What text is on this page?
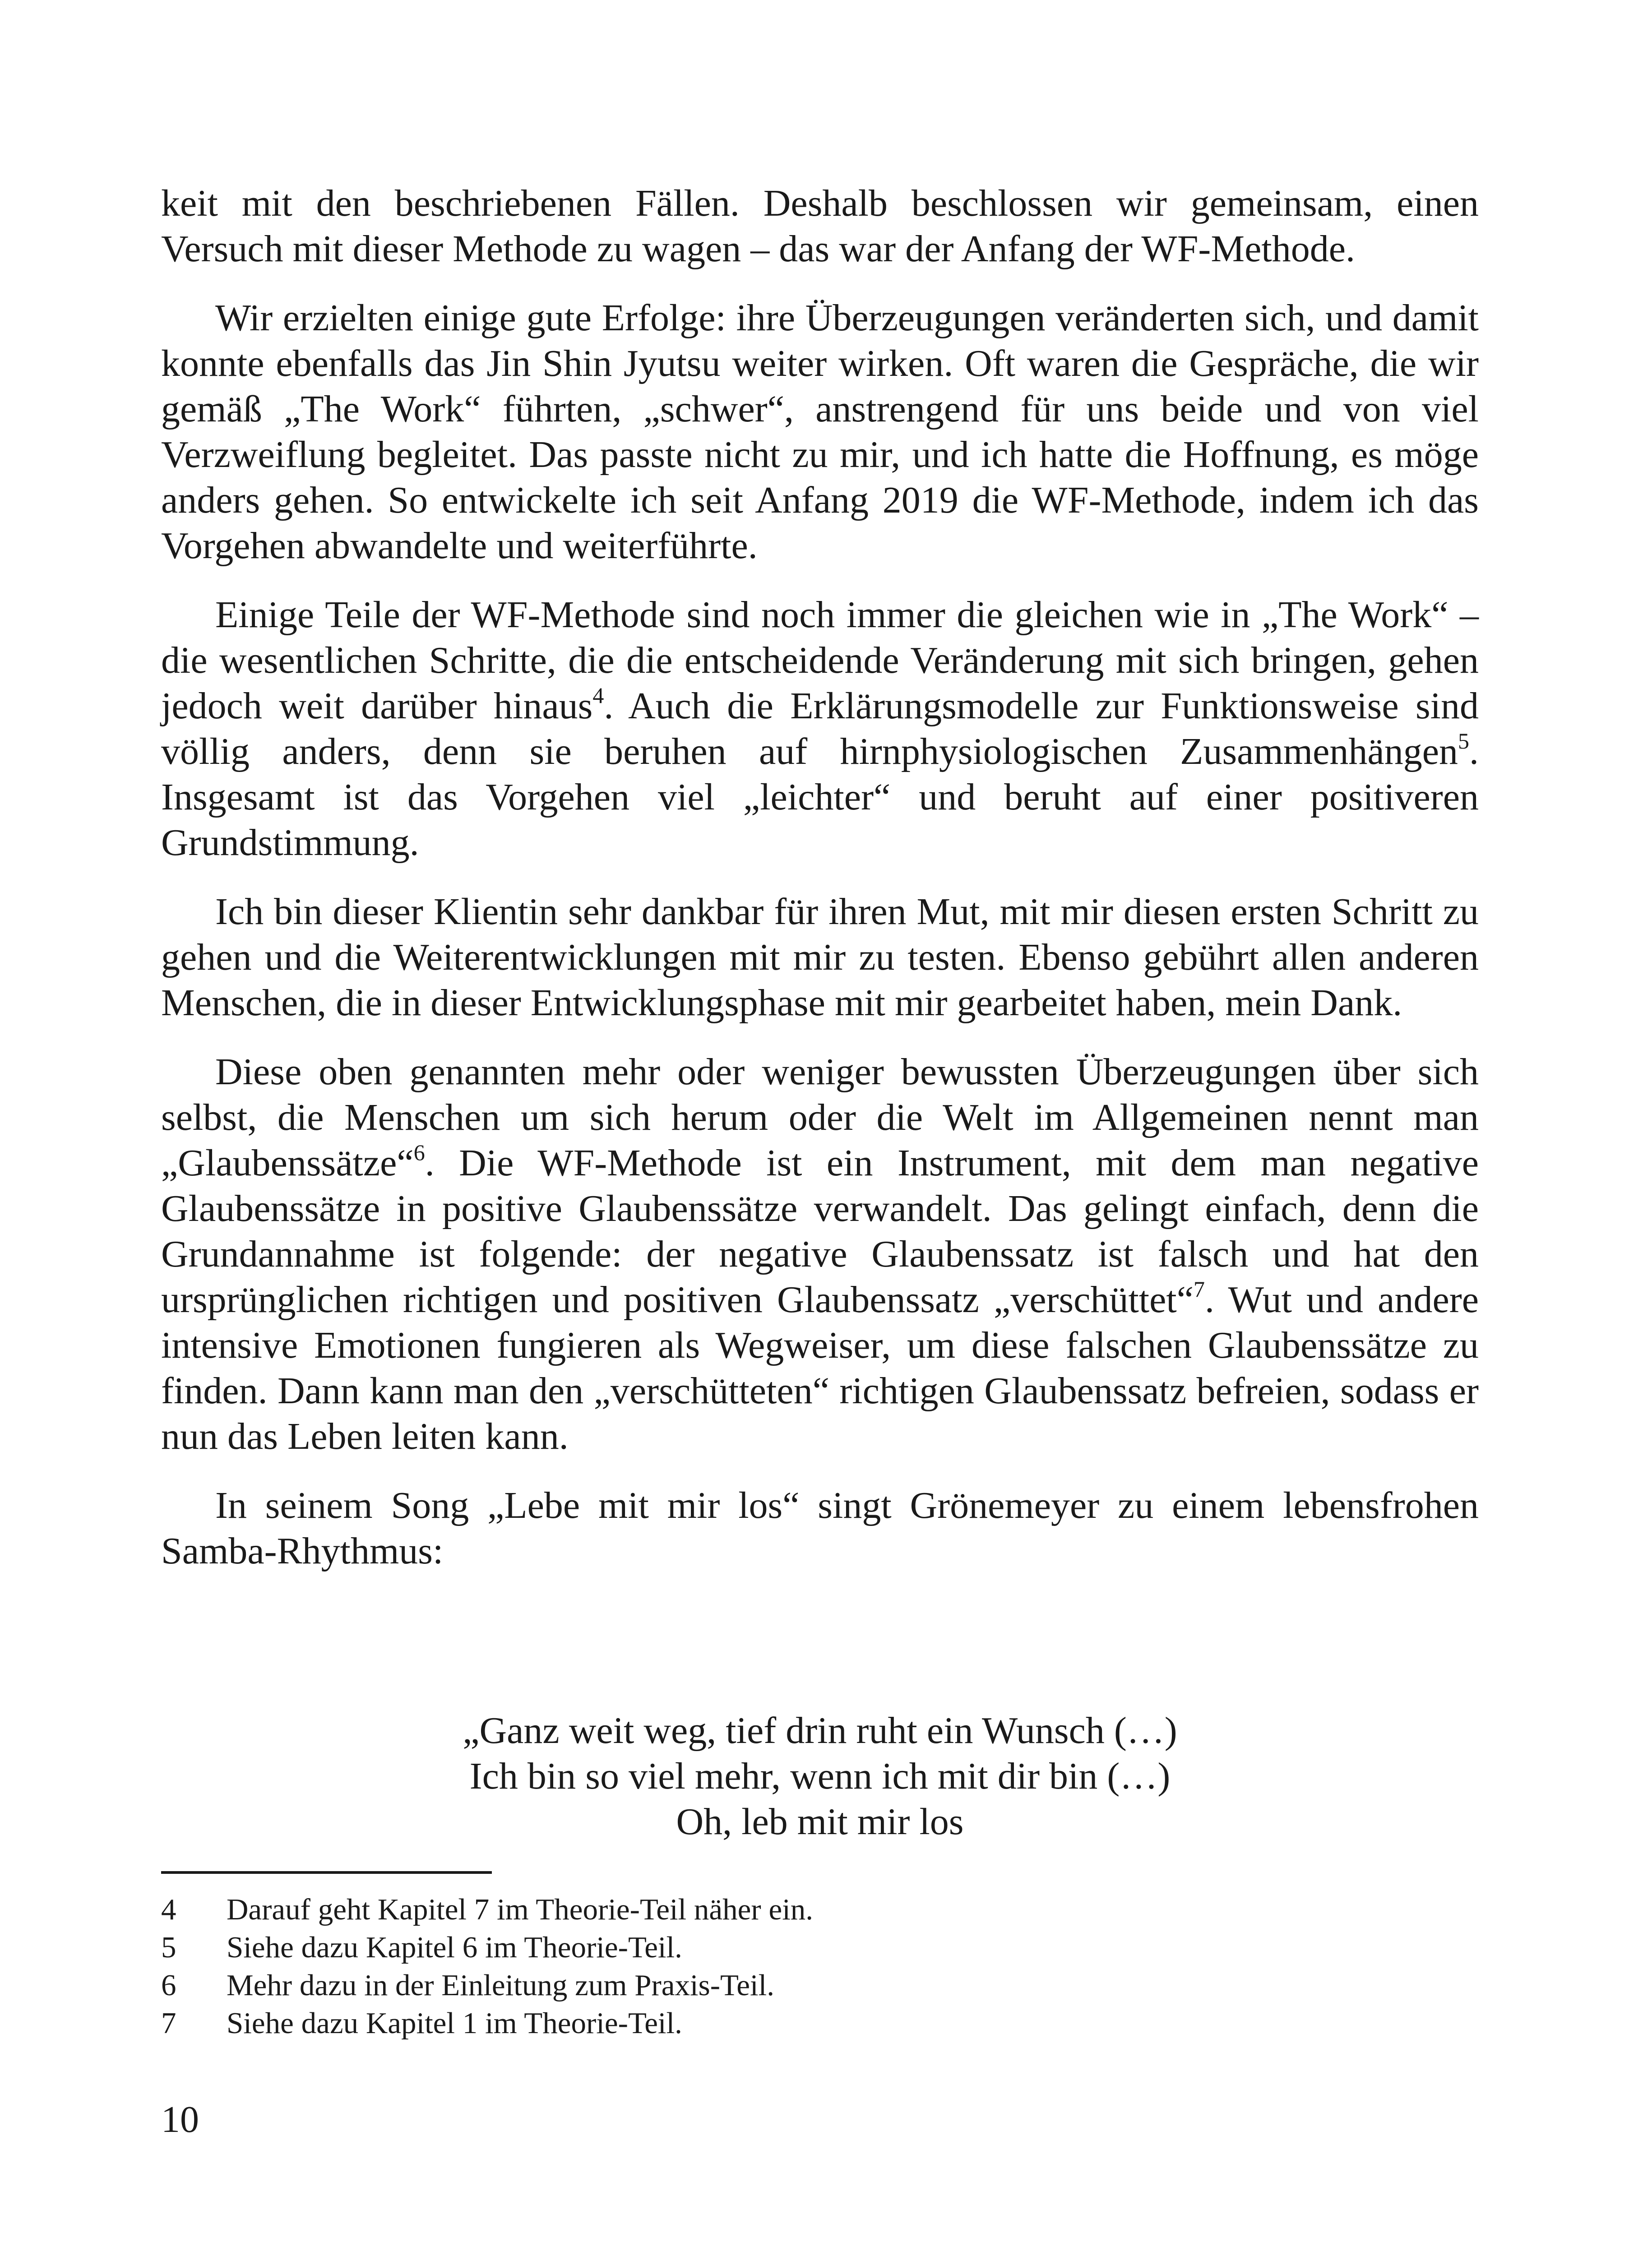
keit mit den beschriebenen Fällen. Deshalb beschlossen wir gemeinsam, einen Versuch mit dieser Methode zu wagen – das war der Anfang der WF-Methode.

Wir erzielten einige gute Erfolge: ihre Überzeugungen veränderten sich, und damit konnte ebenfalls das Jin Shin Jyutsu weiter wirken. Oft waren die Gespräche, die wir gemäß „The Work“ führten, „schwer“, anstrengend für uns beide und von viel Verzweiflung begleitet. Das passte nicht zu mir, und ich hatte die Hoffnung, es möge anders gehen. So entwickelte ich seit Anfang 2019 die WF-Methode, indem ich das Vorgehen abwandelte und weiterführte.

Einige Teile der WF-Methode sind noch immer die gleichen wie in „The Work“ – die wesentlichen Schritte, die die entscheidende Veränderung mit sich bringen, gehen jedoch weit darüber hinaus$^4$. Auch die Erklärungsmodelle zur Funktionsweise sind völlig anders, denn sie beruhen auf hirnphysiologischen Zusammenhängen$^5$. Insgesamt ist das Vorgehen viel „leichter“ und beruht auf einer positiveren Grundstimmung.

Ich bin dieser Klientin sehr dankbar für ihren Mut, mit mir diesen ersten Schritt zu gehen und die Weiterentwicklungen mit mir zu testen. Ebenso gebührt allen anderen Menschen, die in dieser Entwicklungsphase mit mir gearbeitet haben, mein Dank.

Diese oben genannten mehr oder weniger bewussten Überzeugungen über sich selbst, die Menschen um sich herum oder die Welt im Allgemeinen nennt man „Glaubenssätze“$^6$. Die WF-Methode ist ein Instrument, mit dem man negative Glaubenssätze in positive Glaubenssätze verwandelt. Das gelingt einfach, denn die Grundannahme ist folgende: der negative Glaubenssatz ist falsch und hat den ursprünglichen richtigen und positiven Glaubenssatz „verschüttet“$^7$. Wut und andere intensive Emotionen fungieren als Wegweiser, um diese falschen Glaubenssätze zu finden. Dann kann man den „verschütteten“ richtigen Glaubenssatz befreien, sodass er nun das Leben leiten kann.

In seinem Song „Lebe mit mir los“ singt Grönemeyer zu einem lebensfrohen Samba-Rhythmus:

„Ganz weit weg, tief drin ruht ein Wunsch (…)
Ich bin so viel mehr, wenn ich mit dir bin (…)
Oh, leb mit mir los
4	Darauf geht Kapitel 7 im Theorie-Teil näher ein.
5	Siehe dazu Kapitel 6 im Theorie-Teil.
6	Mehr dazu in der Einleitung zum Praxis-Teil.
7	Siehe dazu Kapitel 1 im Theorie-Teil.
10
